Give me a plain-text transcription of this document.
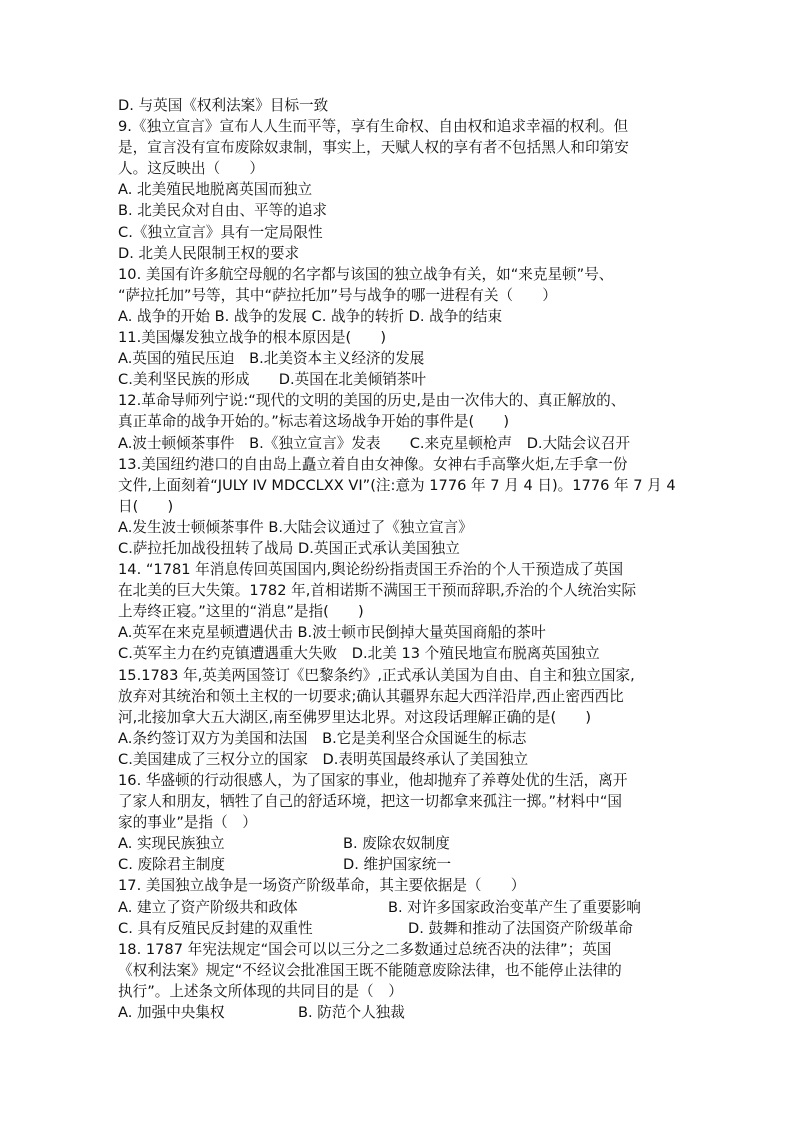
D. 与英国《权利法案》目标一致
9.《独立宣言》宣布人人生而平等，享有生命权、自由权和追求幸福的权利。但
是，宣言没有宣布废除奴隶制，事实上，天赋人权的享有者不包括黑人和印第安
人。这反映出（　　）
A. 北美殖民地脱离英国而独立
B. 北美民众对自由、平等的追求
C.《独立宣言》具有一定局限性
D. 北美人民限制王权的要求
10. 美国有许多航空母舰的名字都与该国的独立战争有关，如“来克星顿”号、
“萨拉托加”号等，其中“萨拉托加”号与战争的哪一进程有关（　　）
A. 战争的开始 B. 战争的发展 C. 战争的转折 D. 战争的结束
11.美国爆发独立战争的根本原因是(　　)
A.英国的殖民压迫　B.北美资本主义经济的发展
C.美利坚民族的形成　　D.英国在北美倾销茶叶
12.革命导师列宁说:“现代的文明的美国的历史,是由一次伟大的、真正解放的、
真正革命的战争开始的。”标志着这场战争开始的事件是(　　)
A.波士顿倾茶事件　B.《独立宣言》发表　　C.来克星顿枪声　D.大陆会议召开
13.美国纽约港口的自由岛上矗立着自由女神像。女神右手高擎火炬,左手拿一份
文件,上面刻着“JULY IV MDCCLXX VI”(注:意为 1776 年 7 月 4 日)。1776 年 7 月 4
日(　　)
A.发生波士顿倾茶事件 B.大陆会议通过了《独立宣言》
C.萨拉托加战役扭转了战局 D.英国正式承认美国独立
14. “1781 年消息传回英国国内,舆论纷纷指责国王乔治的个人干预造成了英国
在北美的巨大失策。1782 年,首相诺斯不满国王干预而辞职,乔治的个人统治实际
上寿终正寝。”这里的“消息”是指(　　)
A.英军在来克星顿遭遇伏击 B.波士顿市民倒掉大量英国商船的茶叶
C.英军主力在约克镇遭遇重大失败　D.北美 13 个殖民地宣布脱离英国独立
15.1783 年,英美两国签订《巴黎条约》,正式承认美国为自由、自主和独立国家,
放弃对其统治和领土主权的一切要求;确认其疆界东起大西洋沿岸,西止密西西比
河,北接加拿大五大湖区,南至佛罗里达北界。对这段话理解正确的是(　　)
A.条约签订双方为美国和法国　B.它是美利坚合众国诞生的标志
C.美国建成了三权分立的国家　D.表明英国最终承认了美国独立
16. 华盛顿的行动很感人，为了国家的事业，他却抛弃了养尊处优的生活，离开
了家人和朋友，牺牲了自己的舒适环境，把这一切都拿来孤注一掷。”材料中“国
家的事业”是指（　）
A. 实现民族独立	B. 废除农奴制度
C. 废除君主制度	D. 维护国家统一
17. 美国独立战争是一场资产阶级革命，其主要依据是（　　）
A. 建立了资产阶级共和政体	B. 对许多国家政治变革产生了重要影响
C. 具有反殖民反封建的双重性	D. 鼓舞和推动了法国资产阶级革命
18. 1787 年宪法规定“国会可以以三分之二多数通过总统否决的法律”；英国
《权利法案》规定“不经议会批准国王既不能随意废除法律，也不能停止法律的
执行”。上述条文所体现的共同目的是（　）
A. 加强中央集权	B. 防范个人独裁
